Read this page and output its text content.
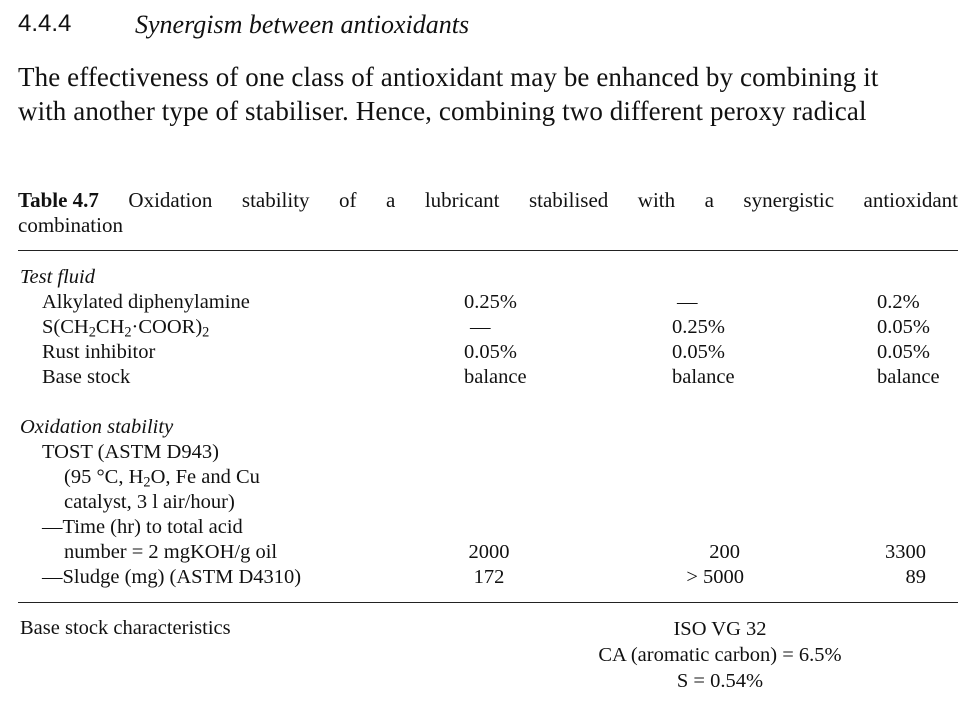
4.4.4 Synergism between antioxidants
The effectiveness of one class of antioxidant may be enhanced by combining it
with another type of stabiliser. Hence, combining two different peroxy radical
Table 4.7 Oxidation stability of a lubricant stabilised with a synergistic antioxidant
combination
Test fluid
Alkylated diphenylamine	0.25%	—	0.2%
$S(CH_2CH_2\cdot COOR)_2$	—	0.25%	0.05%
Rust inhibitor	0.05%	0.05%	0.05%
Base stock	balance	balance	balance
Oxidation stability
TOST (ASTM D943)
(95 °C, $H_2O$, Fe and Cu
catalyst, 3 l air/hour)
—Time (hr) to total acid
number = 2 mgKOH/g oil	2000	200	3300
—Sludge (mg) (ASTM D4310)	172	> 5000	89
Base stock characteristics	ISO VG 32
CA (aromatic carbon) = 6.5%
S = 0.54%
